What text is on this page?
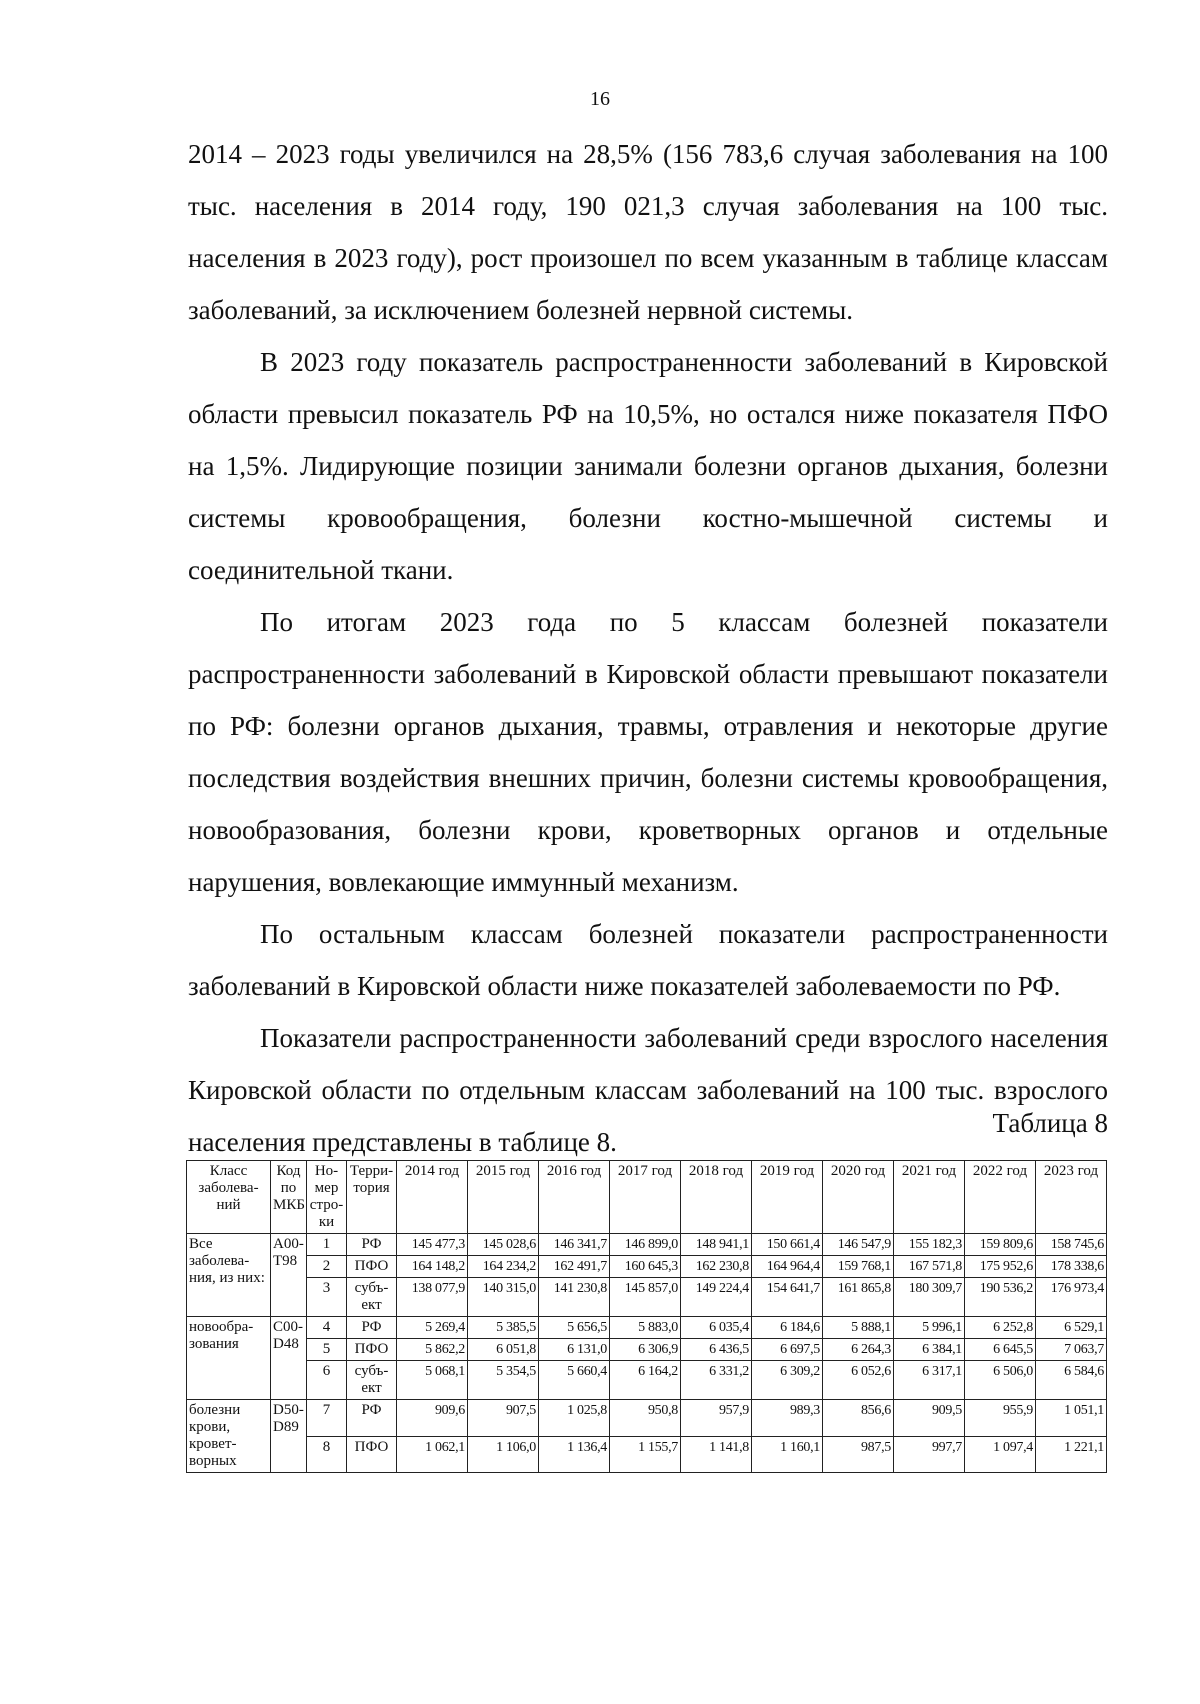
16

2014 – 2023 годы увеличился на 28,5% (156 783,6 случая заболевания на 100 тыс. населения в 2014 году, 190 021,3 случая заболевания на 100 тыс. населения в 2023 году), рост произошел по всем указанным в таблице классам заболеваний, за исключением болезней нервной системы.

В 2023 году показатель распространенности заболеваний в Кировской области превысил показатель РФ на 10,5%, но остался ниже показателя ПФО на 1,5%. Лидирующие позиции занимали болезни органов дыхания, болезни системы кровообращения, болезни костно-мышечной системы и соединительной ткани.

По итогам 2023 года по 5 классам болезней показатели распространенности заболеваний в Кировской области превышают показатели по РФ: болезни органов дыхания, травмы, отравления и некоторые другие последствия воздействия внешних причин, болезни системы кровообращения, новообразования, болезни крови, кроветворных органов и отдельные нарушения, вовлекающие иммунный механизм.

По остальным классам болезней показатели распространенности заболеваний в Кировской области ниже показателей заболеваемости по РФ.

Показатели распространенности заболеваний среди взрослого населения Кировской области по отдельным классам заболеваний на 100 тыс. взрослого населения представлены в таблице 8.

Таблица 8
Класс заболева-ний	Код по МКБ	Но-мер стро-ки	Терри-тория	2014 год	2015 год	2016 год	2017 год	2018 год	2019 год	2020 год	2021 год	2022 год	2023 год
Все заболева-ния, из них:	А00-Т98	1	РФ	145 477,3	145 028,6	146 341,7	146 899,0	148 941,1	150 661,4	146 547,9	155 182,3	159 809,6	158 745,6
		2	ПФО	164 148,2	164 234,2	162 491,7	160 645,3	162 230,8	164 964,4	159 768,1	167 571,8	175 952,6	178 338,6
		3	субъ-ект	138 077,9	140 315,0	141 230,8	145 857,0	149 224,4	154 641,7	161 865,8	180 309,7	190 536,2	176 973,4
новообра-зования	С00-D48	4	РФ	5 269,4	5 385,5	5 656,5	5 883,0	6 035,4	6 184,6	5 888,1	5 996,1	6 252,8	6 529,1
		5	ПФО	5 862,2	6 051,8	6 131,0	6 306,9	6 436,5	6 697,5	6 264,3	6 384,1	6 645,5	7 063,7
		6	субъ-ект	5 068,1	5 354,5	5 660,4	6 164,2	6 331,2	6 309,2	6 052,6	6 317,1	6 506,0	6 584,6
болезни крови, кровет-ворных	D50-D89	7	РФ	909,6	907,5	1 025,8	950,8	957,9	989,3	856,6	909,5	955,9	1 051,1
		8	ПФО	1 062,1	1 106,0	1 136,4	1 155,7	1 141,8	1 160,1	987,5	997,7	1 097,4	1 221,1
